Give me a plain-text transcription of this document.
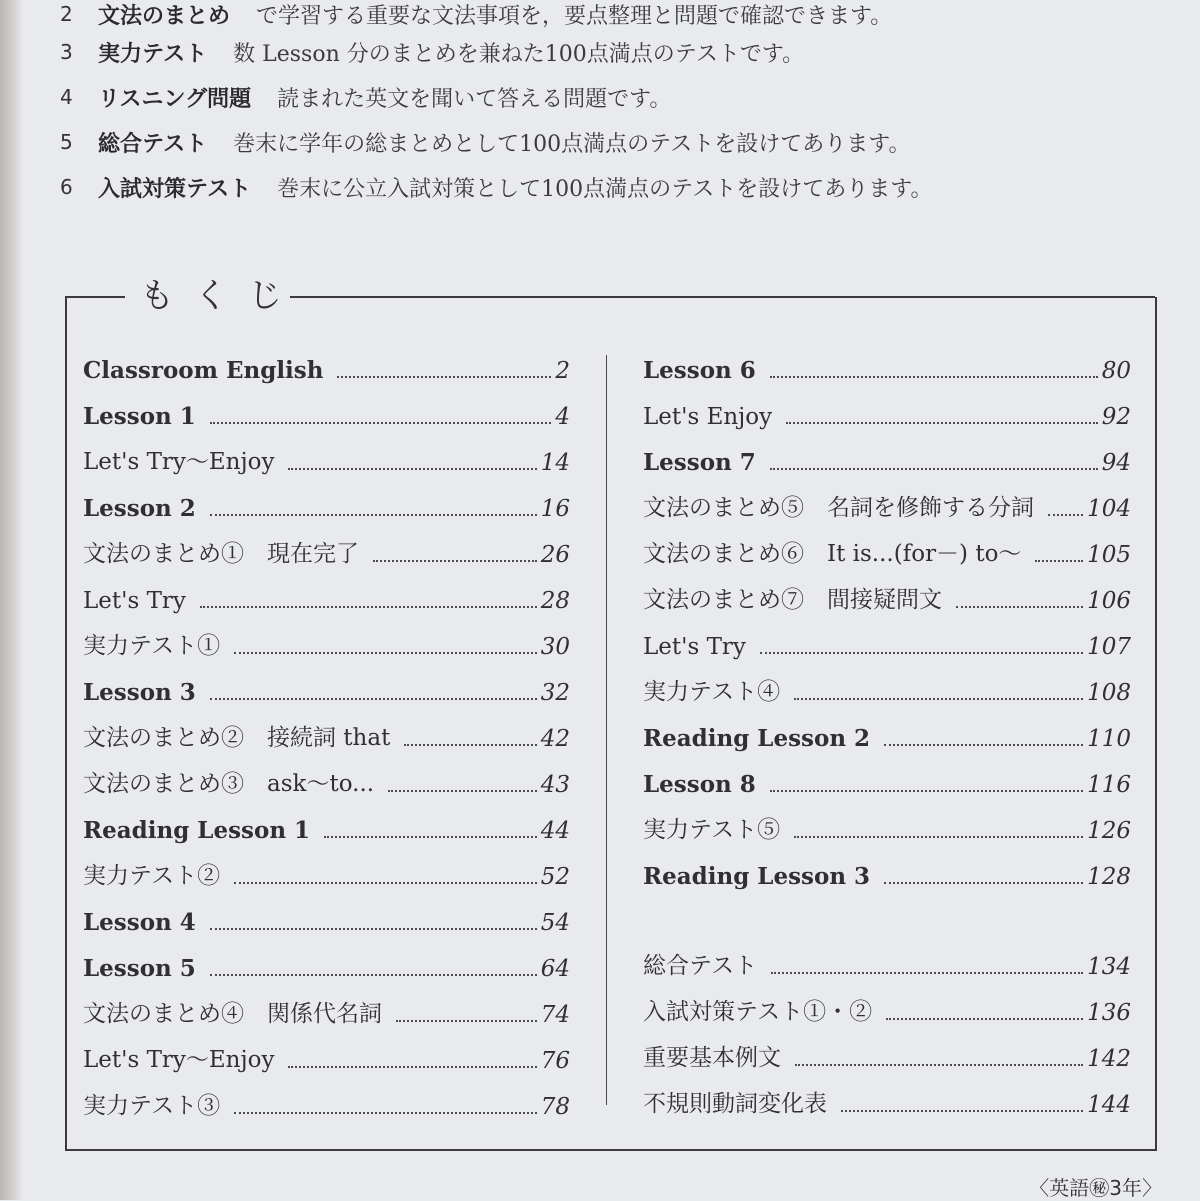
2	文法のまとめ で学習する重要な文法事項を，要点整理と問題で確認できます。
3	実力テスト 数 Lesson 分のまとめを兼ねた100点満点のテストです。
4	リスニング問題 読まれた英文を聞いて答える問題です。
5	総合テスト 巻末に学年の総まとめとして100点満点のテストを設けてあります。
6	入試対策テスト 巻末に公立入試対策として100点満点のテストを設けてあります。
もくじ
Classroom English	2
Lesson 1	4
Let's Try～Enjoy	14
Lesson 2	16
文法のまとめ①　現在完了	26
Let's Try	28
実力テスト①	30
Lesson 3	32
文法のまとめ②　接続詞 that	42
文法のまとめ③　ask～to...	43
Reading Lesson 1	44
実力テスト②	52
Lesson 4	54
Lesson 5	64
文法のまとめ④　関係代名詞	74
Let's Try～Enjoy	76
実力テスト③	78
Lesson 6	80
Let's Enjoy	92
Lesson 7	94
文法のまとめ⑤　名詞を修飾する分詞 104
文法のまとめ⑥　It is...(for－) to～	105
文法のまとめ⑦　間接疑問文	106
Let's Try	107
実力テスト④	108
Reading Lesson 2	110
Lesson 8	116
実力テスト⑤	126
Reading Lesson 3	128
総合テスト	134
入試対策テスト①・②	136
重要基本例文	142
不規則動詞変化表	144
〈英語㊙3年〉
